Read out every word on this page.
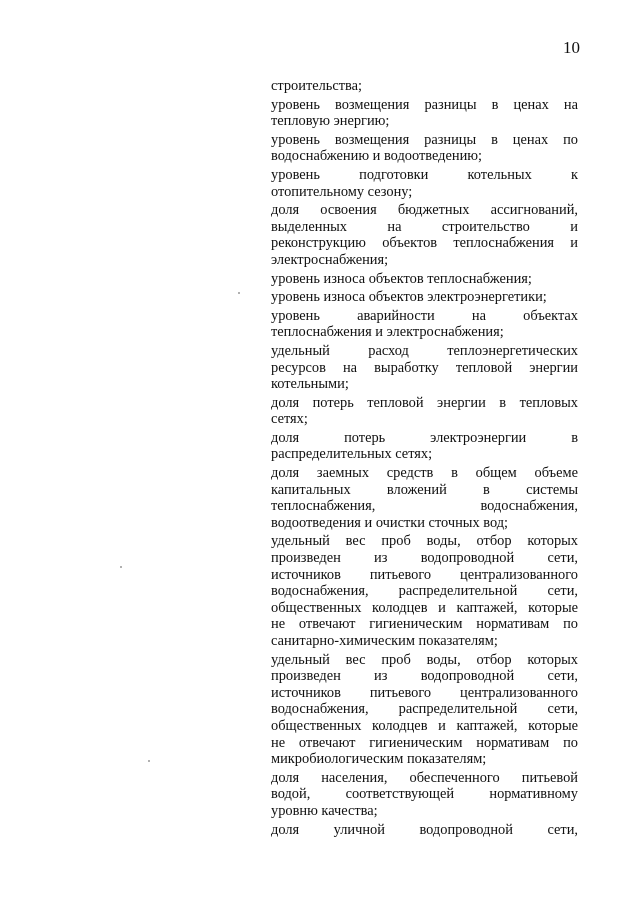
10
строительства;
уровень возмещения разницы в ценах на
тепловую энергию;
уровень возмещения разницы в ценах по
водоснабжению и водоотведению;
уровень подготовки котельных к
отопительному сезону;
доля освоения бюджетных ассигнований,
выделенных на строительство и
реконструкцию объектов теплоснабжения и
электроснабжения;
уровень износа объектов теплоснабжения;
уровень износа объектов электроэнергетики;
уровень аварийности на объектах
теплоснабжения и электроснабжения;
удельный расход теплоэнергетических
ресурсов на выработку тепловой энергии
котельными;
доля потерь тепловой энергии в тепловых
сетях;
доля потерь электроэнергии в
распределительных сетях;
доля заемных средств в общем объеме
капитальных вложений в системы
теплоснабжения, водоснабжения,
водоотведения и очистки сточных вод;
удельный вес проб воды, отбор которых
произведен из водопроводной сети,
источников питьевого централизованного
водоснабжения, распределительной сети,
общественных колодцев и каптажей, которые
не отвечают гигиеническим нормативам по
санитарно-химическим показателям;
удельный вес проб воды, отбор которых
произведен из водопроводной сети,
источников питьевого централизованного
водоснабжения, распределительной сети,
общественных колодцев и каптажей, которые
не отвечают гигиеническим нормативам по
микробиологическим показателям;
доля населения, обеспеченного питьевой
водой, соответствующей нормативному
уровню качества;
доля уличной водопроводной сети,
